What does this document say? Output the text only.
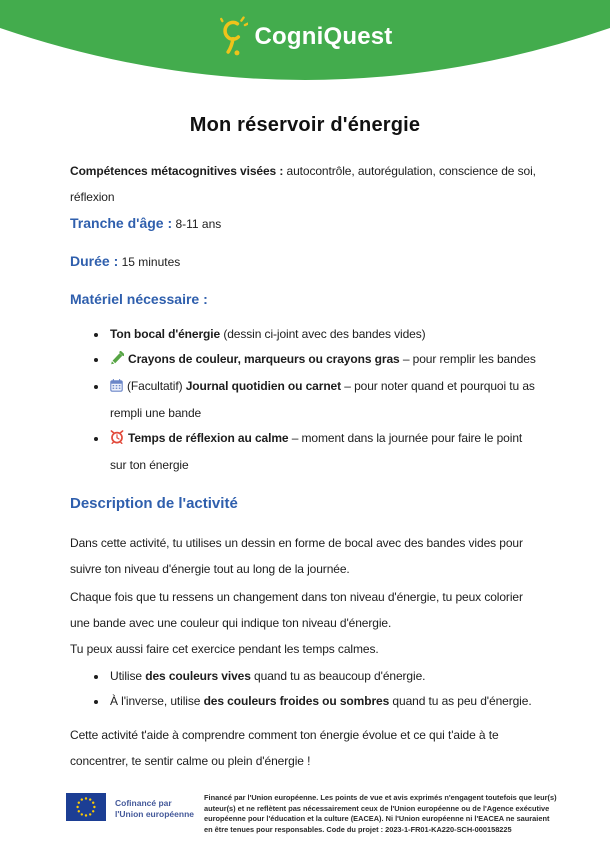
CogniQuest
Mon réservoir d'énergie

Compétences métacognitives visées : autocontrôle, autorégulation, conscience de soi, réflexion

Tranche d'âge : 8-11 ans

Durée : 15 minutes

Matériel nécessaire :

• Ton bocal d'énergie (dessin ci-joint avec des bandes vides)
• Crayons de couleur, marqueurs ou crayons gras – pour remplir les bandes
• (Facultatif) Journal quotidien ou carnet – pour noter quand et pourquoi tu as rempli une bande
• Temps de réflexion au calme – moment dans la journée pour faire le point sur ton énergie
Description de l'activité

Dans cette activité, tu utilises un dessin en forme de bocal avec des bandes vides pour suivre ton niveau d'énergie tout au long de la journée.

Chaque fois que tu ressens un changement dans ton niveau d'énergie, tu peux colorier une bande avec une couleur qui indique ton niveau d'énergie.
Tu peux aussi faire cet exercice pendant les temps calmes.

• Utilise des couleurs vives quand tu as beaucoup d'énergie.
• À l'inverse, utilise des couleurs froides ou sombres quand tu as peu d'énergie.

Cette activité t'aide à comprendre comment ton énergie évolue et ce qui t'aide à te concentrer, te sentir calme ou plein d'énergie !

Cofinancé par
l'Union européenne
Financé par l'Union européenne. Les points de vue et avis exprimés n'engagent toutefois que leur(s) auteur(s) et ne reflètent pas nécessairement ceux de l'Union européenne ou de l'Agence exécutive européenne pour l'éducation et la culture (EACEA). Ni l'Union européenne ni l'EACEA ne sauraient en être tenues pour responsables. Code du projet : 2023-1-FR01-KA220-SCH-000158225
